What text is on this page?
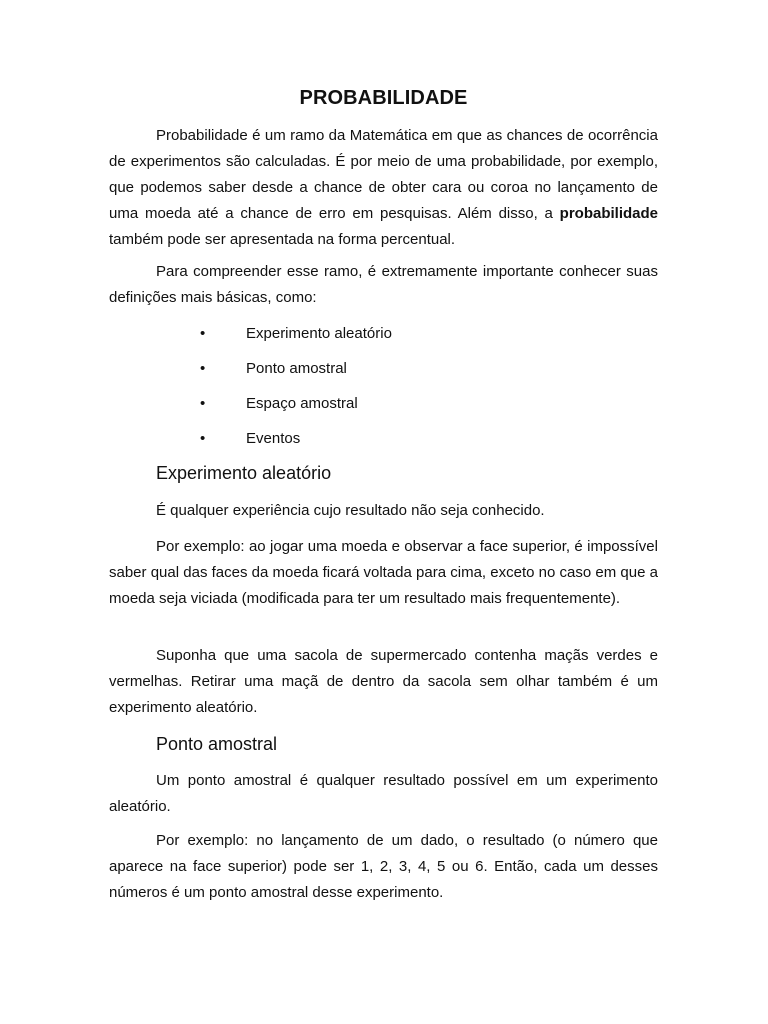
PROBABILIDADE

Probabilidade é um ramo da Matemática em que as chances de ocorrência de experimentos são calculadas. É por meio de uma probabilidade, por exemplo, que podemos saber desde a chance de obter cara ou coroa no lançamento de uma moeda até a chance de erro em pesquisas. Além disso, a probabilidade também pode ser apresentada na forma percentual.

Para compreender esse ramo, é extremamente importante conhecer suas definições mais básicas, como:

•	Experimento aleatório
•	Ponto amostral
•	Espaço amostral
•	Eventos
Experimento aleatório

É qualquer experiência cujo resultado não seja conhecido.

Por exemplo: ao jogar uma moeda e observar a face superior, é impossível saber qual das faces da moeda ficará voltada para cima, exceto no caso em que a moeda seja viciada (modificada para ter um resultado mais frequentemente).

Suponha que uma sacola de supermercado contenha maçãs verdes e vermelhas. Retirar uma maçã de dentro da sacola sem olhar também é um experimento aleatório.

Ponto amostral

Um ponto amostral é qualquer resultado possível em um experimento aleatório.

Por exemplo: no lançamento de um dado, o resultado (o número que aparece na face superior) pode ser 1, 2, 3, 4, 5 ou 6. Então, cada um desses números é um ponto amostral desse experimento.
